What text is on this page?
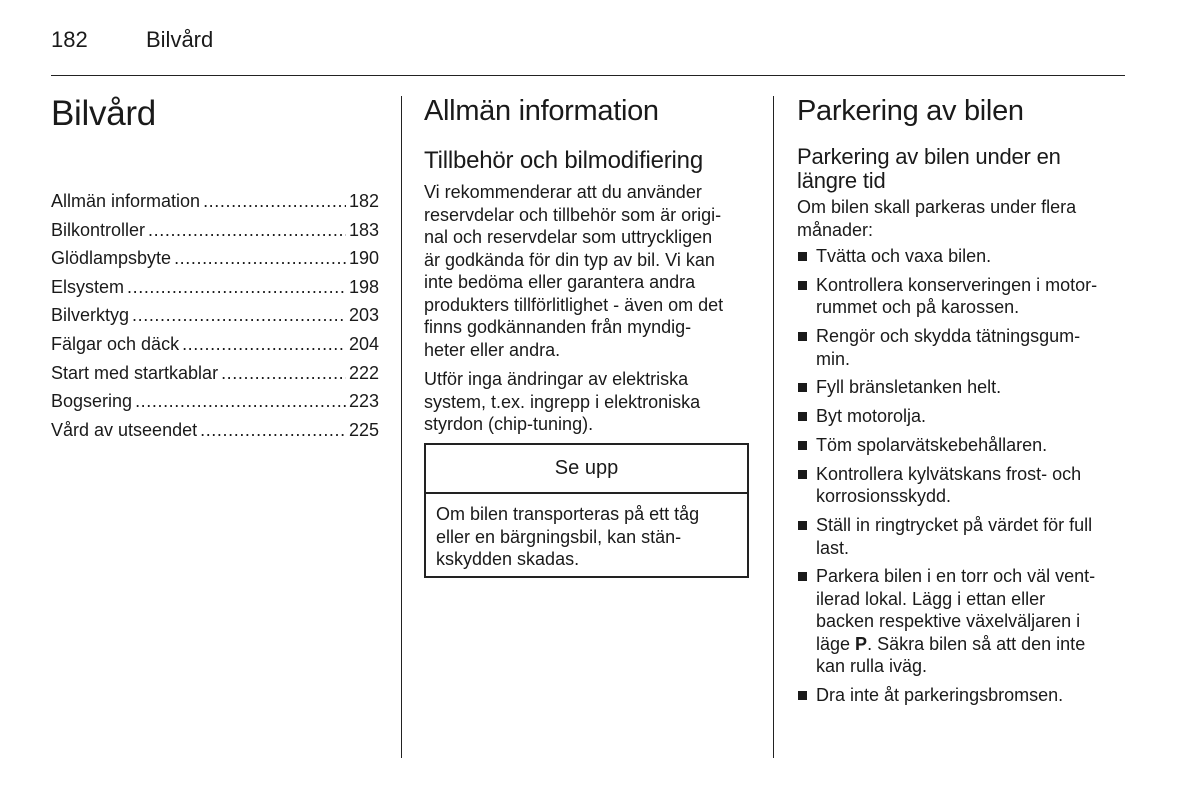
182	Bilvård
Bilvård
Allmän information .....	182
Bilkontroller .....	183
Glödlampsbyte .....	190
Elsystem .....	198
Bilverktyg .....	203
Fälgar och däck .....	204
Start med startkablar .....	222
Bogsering .....	223
Vård av utseendet .....	225
Allmän information
Tillbehör och bilmodifiering
Vi rekommenderar att du använder
reservdelar och tillbehör som är origi-
nal och reservdelar som uttryckligen
är godkända för din typ av bil. Vi kan
inte bedöma eller garantera andra
produkters tillförlitlighet - även om det
finns godkännanden från myndig-
heter eller andra.
Utför inga ändringar av elektriska
system, t.ex. ingrepp i elektroniska
styrdon (chip-tuning).
Se upp
Om bilen transporteras på ett tåg
eller en bärgningsbil, kan stän-
kskydden skadas.
Parkering av bilen
Parkering av bilen under en
längre tid
Om bilen skall parkeras under flera
månader:
Tvätta och vaxa bilen.
Kontrollera konserveringen i motor-
rummet och på karossen.
Rengör och skydda tätningsgum-
min.
Fyll bränsletanken helt.
Byt motorolja.
Töm spolarvätskebehållaren.
Kontrollera kylvätskans frost- och
korrosionsskydd.
Ställ in ringtrycket på värdet för full
last.
Parkera bilen i en torr och väl vent-
ilerad lokal. Lägg i ettan eller
backen respektive växelväljaren i
läge P. Säkra bilen så att den inte
kan rulla iväg.
Dra inte åt parkeringsbromsen.
